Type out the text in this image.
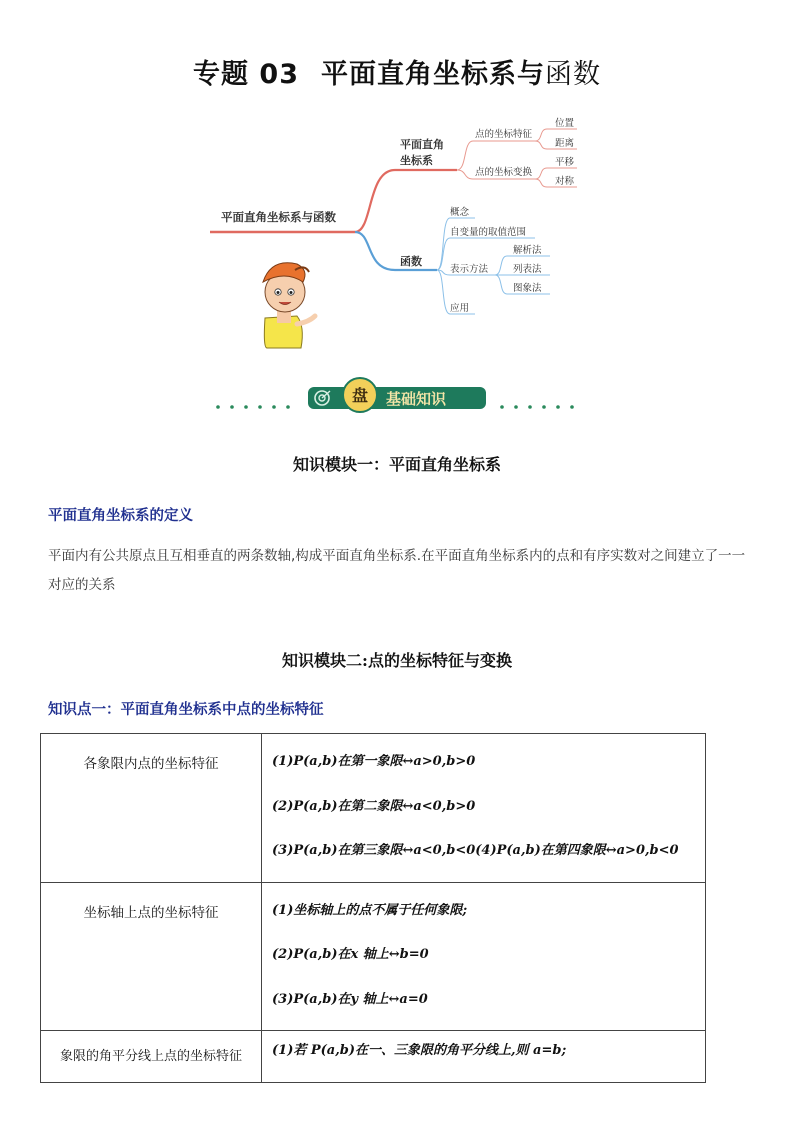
专题 03 平面直角坐标系与函数
平面直角坐标系与函数
平面直角
坐标系
函数
点的坐标特征
点的坐标变换
位置
距离
平移
对称
概念
自变量的取值范围
表示方法
应用
解析法
列表法
图象法
盘 基础知识
知识模块一：平面直角坐标系
平面直角坐标系的定义
平面内有公共原点且互相垂直的两条数轴,构成平面直角坐标系.在平面直角坐标系内的点和有序实数对之间建立了一一对应的关系
知识模块二:点的坐标特征与变换
知识点一：平面直角坐标系中点的坐标特征
各象限内点的坐标特征	(1)P(a,b)在第一象限↔a>0,b>0
(2)P(a,b)在第二象限↔a<0,b>0
(3)P(a,b)在第三象限↔a<0,b<0(4)P(a,b)在第四象限↔a>0,b<0

坐标轴上点的坐标特征	(1)坐标轴上的点不属于任何象限;
(2)P(a,b)在x 轴上↔b=0
(3)P(a,b)在y 轴上↔a=0

象限的角平分线上点的坐标特征	(1)若 P(a,b)在一、三象限的角平分线上,则 a=b;
